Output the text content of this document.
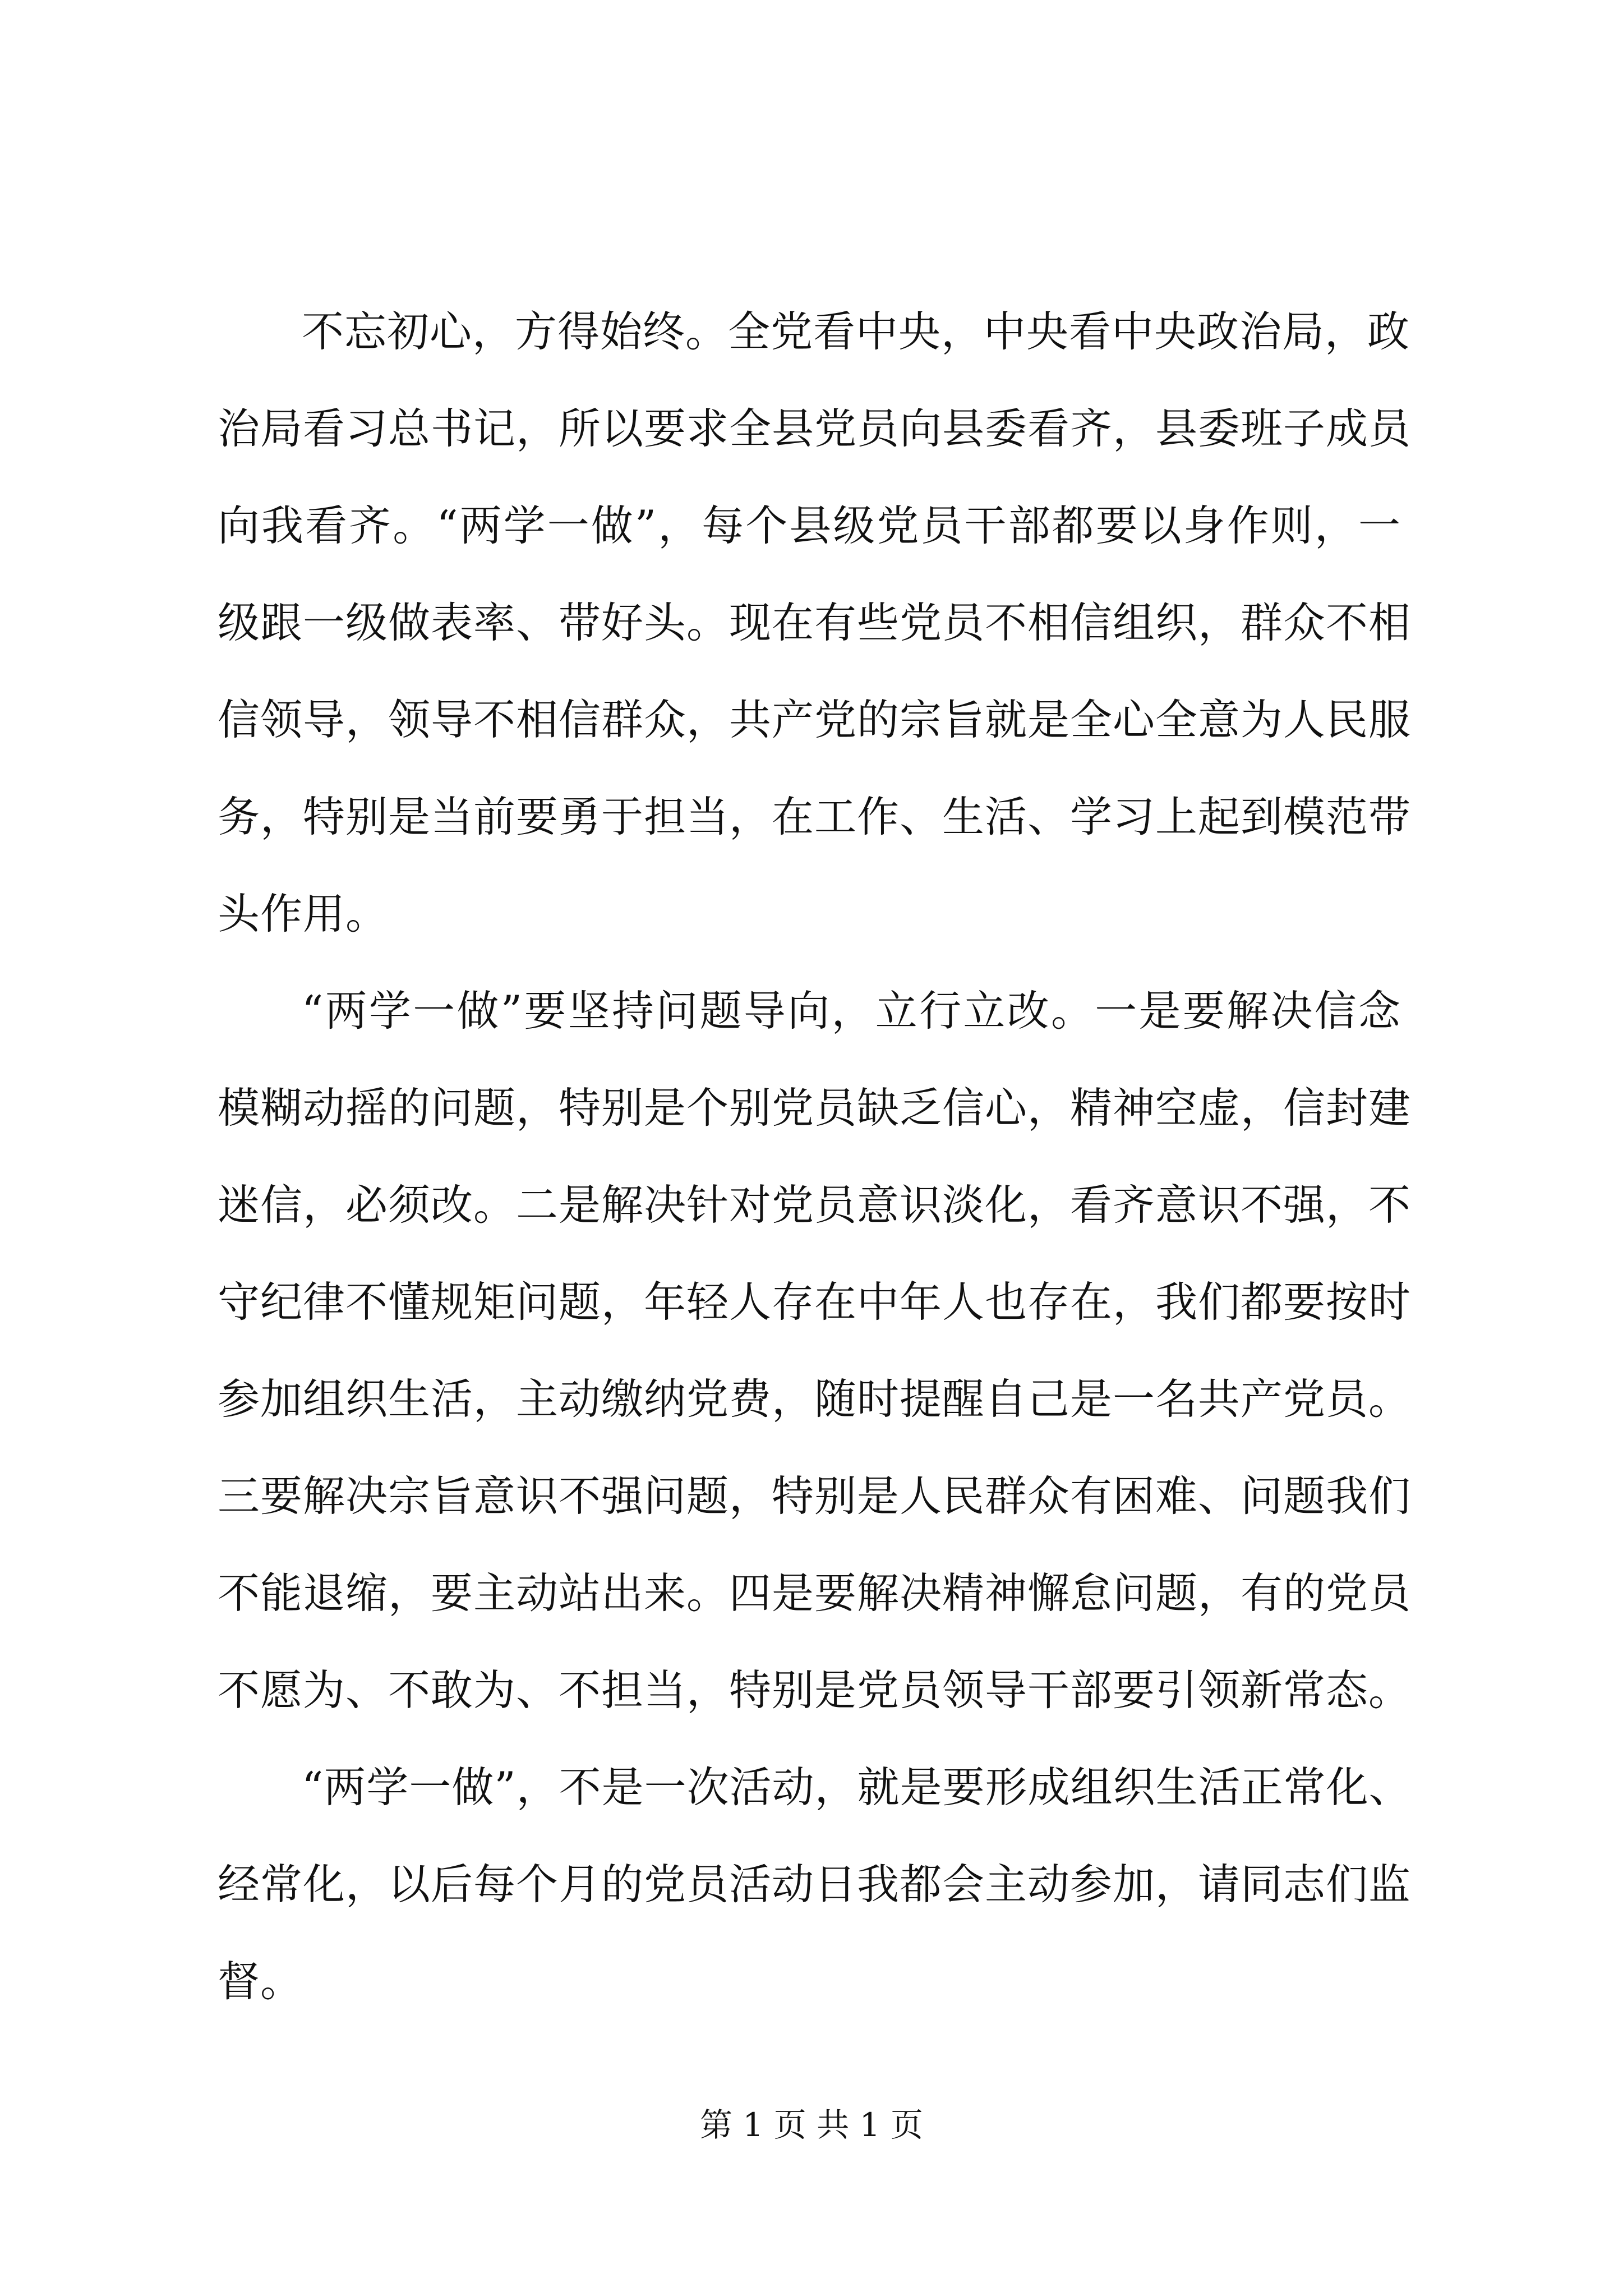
不忘初心，方得始终。全党看中央，中央看中央政治局，政
治局看习总书记，所以要求全县党员向县委看齐，县委班子成员
向我看齐。“两学一做”，每个县级党员干部都要以身作则，一
级跟一级做表率、带好头。现在有些党员不相信组织，群众不相
信领导，领导不相信群众，共产党的宗旨就是全心全意为人民服
务，特别是当前要勇于担当，在工作、生活、学习上起到模范带
头作用。
“两学一做”要坚持问题导向，立行立改。一是要解决信念
模糊动摇的问题，特别是个别党员缺乏信心，精神空虚，信封建
迷信，必须改。二是解决针对党员意识淡化，看齐意识不强，不
守纪律不懂规矩问题，年轻人存在中年人也存在，我们都要按时
参加组织生活，主动缴纳党费，随时提醒自己是一名共产党员。
三要解决宗旨意识不强问题，特别是人民群众有困难、问题我们
不能退缩，要主动站出来。四是要解决精神懈怠问题，有的党员
不愿为、不敢为、不担当，特别是党员领导干部要引领新常态。
“两学一做”，不是一次活动，就是要形成组织生活正常化、
经常化，以后每个月的党员活动日我都会主动参加，请同志们监
督。
第 1 页 共 1 页
